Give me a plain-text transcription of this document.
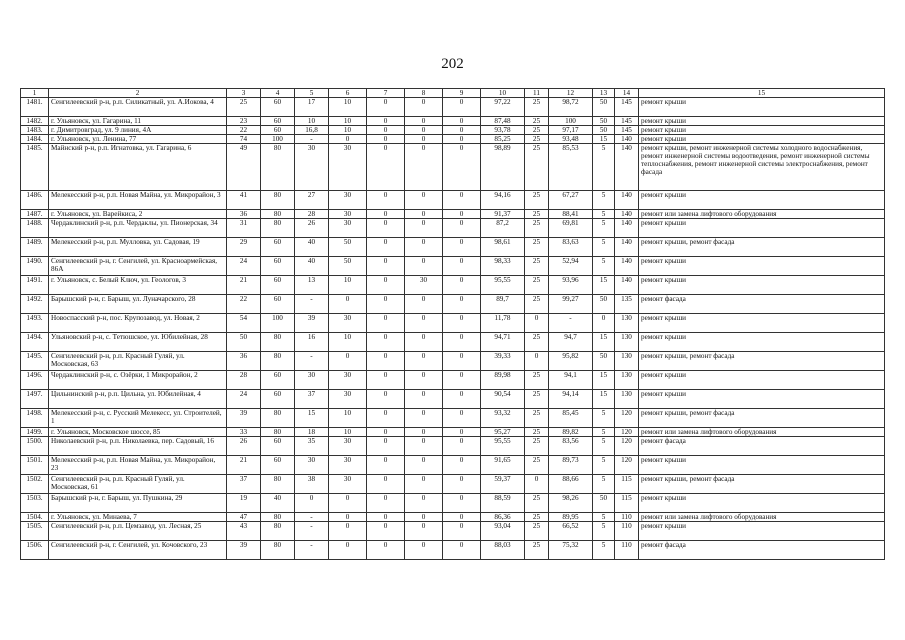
202
1	2	3	4	5	6	7	8	9	10	11	12	13	14	15
1481.	Сенгилеевский р-н, р.п. Силикатный, ул. А.Иокова, 4	25	60	17	10	0	0	0	97,22	25	98,72	50	145	ремонт крыши
1482.	г. Ульяновск, ул. Гагарина, 11	23	60	10	10	0	0	0	87,48	25	100	50	145	ремонт крыши
1483.	г. Димитровград, ул. 9 линия, 4А	22	60	16,8	10	0	0	0	93,78	25	97,17	50	145	ремонт крыши
1484.	г. Ульяновск, ул. Ленина, 77	74	100	-	0	0	0	0	85,25	25	93,48	15	140	ремонт крыши
1485.	Майнский р-н, р.п. Игнатовка, ул. Гагарина, 6	49	80	30	30	0	0	0	98,89	25	85,53	5	140	ремонт крыши, ремонт инженерной системы холодного водоснабжения, ремонт инженерной системы водоотведения, ремонт инженерной системы теплоснабжения, ремонт инженерной системы электроснабжения, ремонт фасада
1486.	Мелекесский р-н, р.п. Новая Майна, ул. Микрорайон, 3	41	80	27	30	0	0	0	94,16	25	67,27	5	140	ремонт крыши
1487.	г. Ульяновск, ул. Варейкиса, 2	36	80	28	30	0	0	0	91,37	25	88,41	5	140	ремонт или замена лифтового оборудования
1488.	Чердаклинский р-н, р.п. Чердаклы, ул. Пионерская, 34	31	80	26	30	0	0	0	87,2	25	69,81	5	140	ремонт крыши
1489.	Мелекесский р-н, р.п. Мулловка, ул. Садовая, 19	29	60	40	50	0	0	0	98,61	25	83,63	5	140	ремонт крыши, ремонт фасада
1490.	Сенгилеевский р-н, г. Сенгилей, ул. Красноармейская, 86А	24	60	40	50	0	0	0	98,33	25	52,94	5	140	ремонт крыши
1491.	г. Ульяновск, с. Белый Ключ, ул. Геологов, 3	21	60	13	10	0	30	0	95,55	25	93,96	15	140	ремонт крыши
1492.	Барышский р-н, г. Барыш, ул. Луначарского, 28	22	60	-	0	0	0	0	89,7	25	99,27	50	135	ремонт фасада
1493.	Новоспасский р-н, пос. Крупозавод, ул. Новая, 2	54	100	39	30	0	0	0	11,78	0	-	0	130	ремонт крыши
1494.	Ульяновский р-н, с. Тетюшское, ул. Юбилейная, 28	50	80	16	10	0	0	0	94,71	25	94,7	15	130	ремонт крыши
1495.	Сенгилеевский р-н, р.п. Красный Гуляй, ул. Московская, 63	36	80	-	0	0	0	0	39,33	0	95,82	50	130	ремонт крыши, ремонт фасада
1496.	Чердаклинский р-н, с. Озёрки, 1 Микрорайон, 2	28	60	30	30	0	0	0	89,98	25	94,1	15	130	ремонт крыши
1497.	Цильнинский р-н, р.п. Цильна, ул. Юбилейная, 4	24	60	37	30	0	0	0	90,54	25	94,14	15	130	ремонт крыши
1498.	Мелекесский р-н, с. Русский Мелекесс, ул. Строителей, 1	39	80	15	10	0	0	0	93,32	25	85,45	5	120	ремонт крыши, ремонт фасада
1499.	г. Ульяновск, Московское шоссе, 85	33	80	18	10	0	0	0	95,27	25	89,82	5	120	ремонт или замена лифтового оборудования
1500.	Николаевский р-н, р.п. Николаевка, пер. Садовый, 16	26	60	35	30	0	0	0	95,55	25	83,56	5	120	ремонт фасада
1501.	Мелекесский р-н, р.п. Новая Майна, ул. Микрорайон, 23	21	60	30	30	0	0	0	91,65	25	89,73	5	120	ремонт крыши
1502.	Сенгилеевский р-н, р.п. Красный Гуляй, ул. Московская, 61	37	80	38	30	0	0	0	59,37	0	88,66	5	115	ремонт крыши, ремонт фасада
1503.	Барышский р-н, г. Барыш, ул. Пушкина, 29	19	40	0	0	0	0	0	88,59	25	98,26	50	115	ремонт крыши
1504.	г. Ульяновск, ул. Минаева, 7	47	80	-	0	0	0	0	86,36	25	89,95	5	110	ремонт или замена лифтового оборудования
1505.	Сенгилеевский р-н, р.п. Цемзавод, ул. Лесная, 25	43	80	-	0	0	0	0	93,04	25	66,52	5	110	ремонт крыши
1506.	Сенгилеевский р-н, г. Сенгилей, ул. Кочовского, 23	39	80	-	0	0	0	0	88,03	25	75,32	5	110	ремонт фасада
